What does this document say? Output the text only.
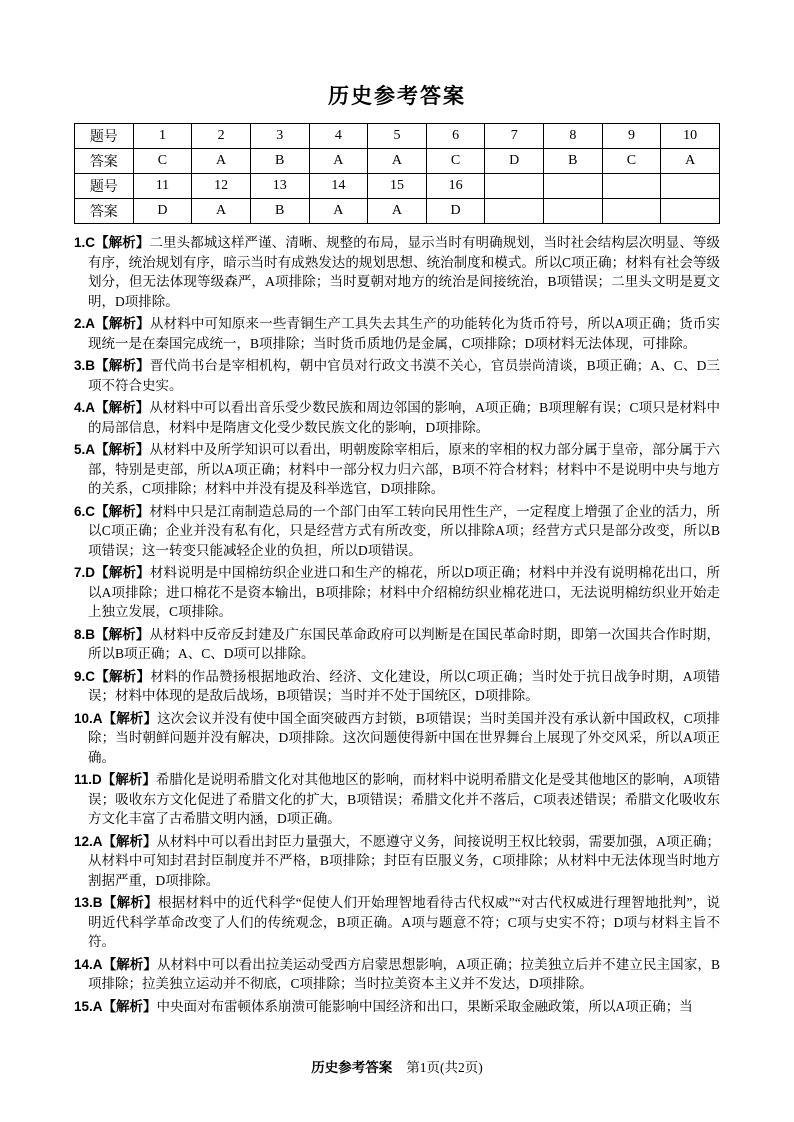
历史参考答案
题号	1	2	3	4	5	6	7	8	9	10
答案	C	A	B	A	A	C	D	B	C	A
题号	11	12	13	14	15	16				
答案	D	A	B	A	A	D				

1.C【解析】二里头都城这样严谨、清晰、规整的布局，显示当时有明确规划，当时社会结构层次明显、等级有序，统治规划有序，暗示当时有成熟发达的规划思想、统治制度和模式。所以C项正确；材料有社会等级划分，但无法体现等级森严，A项排除；当时夏朝对地方的统治是间接统治，B项错误；二里头文明是夏文明，D项排除。

2.A【解析】从材料中可知原来一些青铜生产工具失去其生产的功能转化为货币符号，所以A项正确；货币实现统一是在秦国完成统一，B项排除；当时货币质地仍是金属，C项排除；D项材料无法体现，可排除。

3.B【解析】晋代尚书台是宰相机构，朝中官员对行政文书漠不关心，官员崇尚清谈，B项正确；A、C、D三项不符合史实。

4.A【解析】从材料中可以看出音乐受少数民族和周边邻国的影响，A项正确；B项理解有误；C项只是材料中的局部信息，材料中是隋唐文化受少数民族文化的影响，D项排除。

5.A【解析】从材料中及所学知识可以看出，明朝废除宰相后，原来的宰相的权力部分属于皇帝，部分属于六部，特别是吏部，所以A项正确；材料中一部分权力归六部，B项不符合材料；材料中不是说明中央与地方的关系，C项排除；材料中并没有提及科举选官，D项排除。

6.C【解析】材料中只是江南制造总局的一个部门由军工转向民用性生产，一定程度上增强了企业的活力，所以C项正确；企业并没有私有化，只是经营方式有所改变，所以排除A项；经营方式只是部分改变，所以B项错误；这一转变只能减轻企业的负担，所以D项错误。

7.D【解析】材料说明是中国棉纺织企业进口和生产的棉花，所以D项正确；材料中并没有说明棉花出口，所以A项排除；进口棉花不是资本输出，B项排除；材料中介绍棉纺织业棉花进口，无法说明棉纺织业开始走上独立发展，C项排除。

8.B【解析】从材料中反帝反封建及广东国民革命政府可以判断是在国民革命时期，即第一次国共合作时期，所以B项正确；A、C、D项可以排除。

9.C【解析】材料的作品赞扬根据地政治、经济、文化建设，所以C项正确；当时处于抗日战争时期，A项错误；材料中体现的是敌后战场，B项错误；当时并不处于国统区，D项排除。

10.A【解析】这次会议并没有使中国全面突破西方封锁，B项错误；当时美国并没有承认新中国政权，C项排除；当时朝鲜问题并没有解决，D项排除。这次问题使得新中国在世界舞台上展现了外交风采，所以A项正确。

11.D【解析】希腊化是说明希腊文化对其他地区的影响，而材料中说明希腊文化是受其他地区的影响，A项错误；吸收东方文化促进了希腊文化的扩大，B项错误；希腊文化并不落后，C项表述错误；希腊文化吸收东方文化丰富了古希腊文明内涵，D项正确。

12.A【解析】从材料中可以看出封臣力量强大，不愿遵守义务，间接说明王权比较弱，需要加强，A项正确；从材料中可知封君封臣制度并不严格，B项排除；封臣有臣服义务，C项排除；从材料中无法体现当时地方割据严重，D项排除。

13.B【解析】根据材料中的近代科学“促使人们开始理智地看待古代权威”“对古代权威进行理智地批判”，说明近代科学革命改变了人们的传统观念，B项正确。A项与题意不符；C项与史实不符；D项与材料主旨不符。

14.A【解析】从材料中可以看出拉美运动受西方启蒙思想影响，A项正确；拉美独立后并不建立民主国家，B项排除；拉美独立运动并不彻底，C项排除；当时拉美资本主义并不发达，D项排除。

15.A【解析】中央面对布雷顿体系崩溃可能影响中国经济和出口，果断采取金融政策，所以A项正确；当

历史参考答案 第1页(共2页)
